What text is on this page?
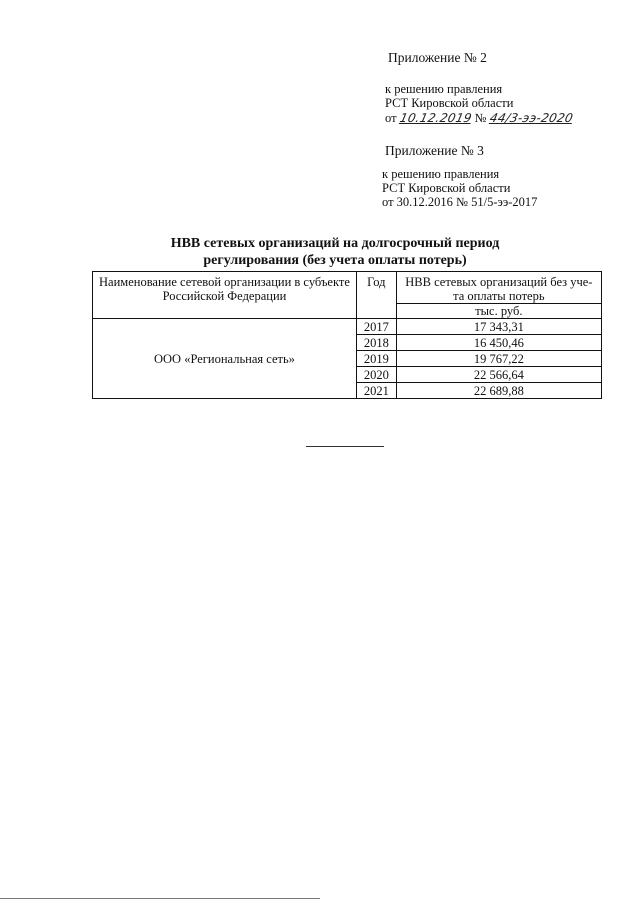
Приложение № 2
к решению правления
РСТ Кировской области
от 10.12.2019 № 44/3-ээ-2020
Приложение № 3
к решению правления
РСТ Кировской области
от 30.12.2016 № 51/5-ээ-2017
НВВ сетевых организаций на долгосрочный период
регулирования (без учета оплаты потерь)
Наименование сетевой организации в субъекте Российской Федерации	Год	НВВ сетевых организаций без уче-та оплаты потерь
		тыс. руб.
ООО «Региональная сеть»	2017	17 343,31
	2018	16 450,46
	2019	19 767,22
	2020	22 566,64
	2021	22 689,88
